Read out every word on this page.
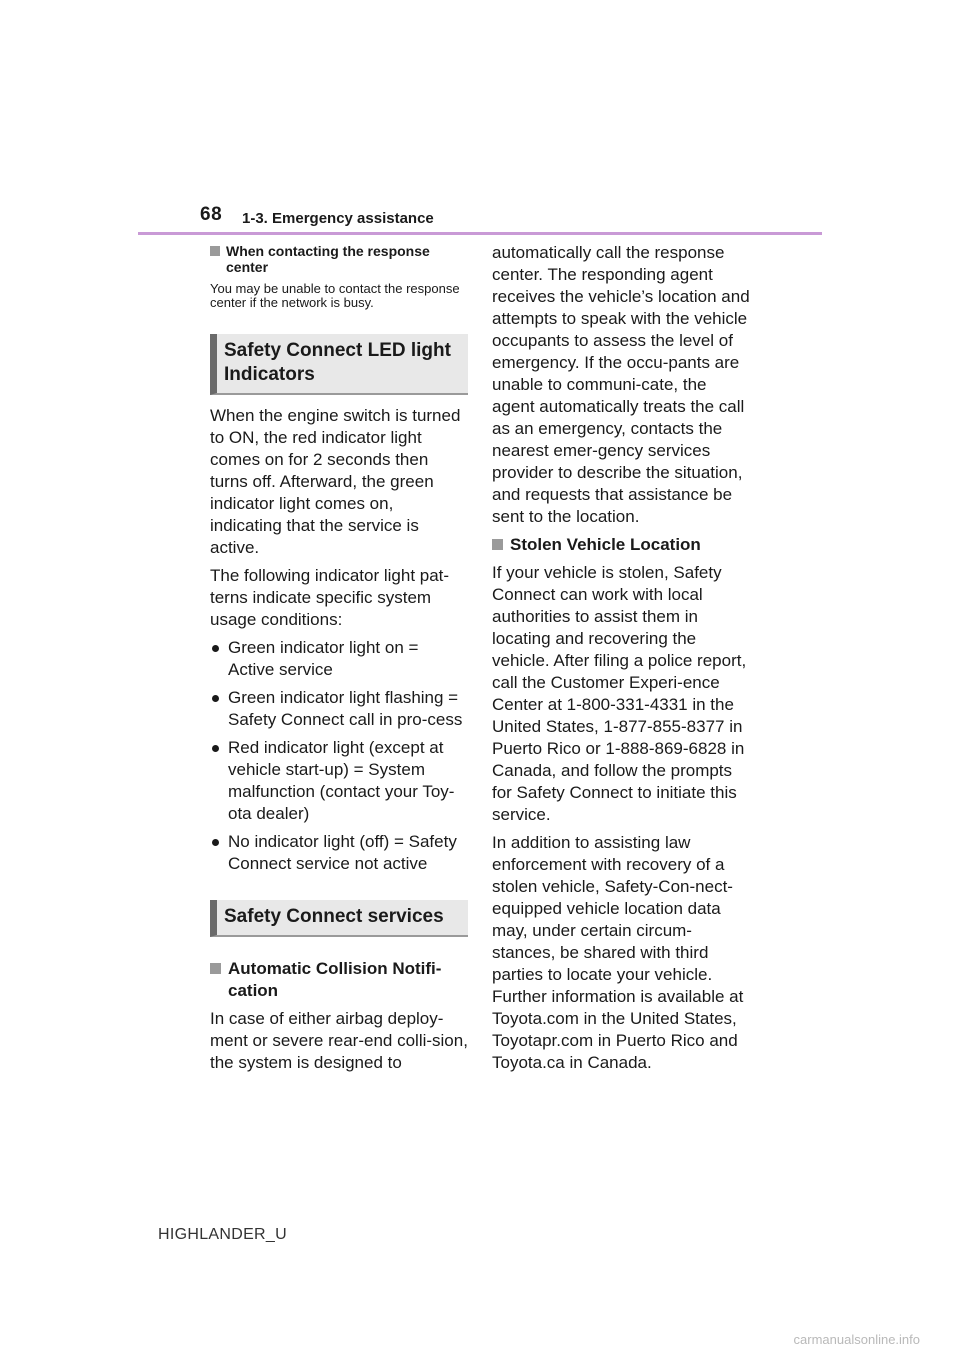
68 1-3. Emergency assistance

When contacting the response center

You may be unable to contact the response center if the network is busy.

Safety Connect LED light Indicators

When the engine switch is turned to ON, the red indicator light comes on for 2 seconds then turns off. Afterward, the green indicator light comes on, indicating that the service is active.

The following indicator light pat-terns indicate specific system usage conditions:

Green indicator light on = Active service
Green indicator light flashing = Safety Connect call in pro-cess
Red indicator light (except at vehicle start-up) = System malfunction (contact your Toy-ota dealer)
No indicator light (off) = Safety Connect service not active
Safety Connect services
Automatic Collision Notifi-cation

In case of either airbag deploy-ment or severe rear-end colli-sion, the system is designed to

automatically call the response center. The responding agent receives the vehicle’s location and attempts to speak with the vehicle occupants to assess the level of emergency. If the occu-pants are unable to communi-cate, the agent automatically treats the call as an emergency, contacts the nearest emer-gency services provider to describe the situation, and requests that assistance be sent to the location.

Stolen Vehicle Location

If your vehicle is stolen, Safety Connect can work with local authorities to assist them in locating and recovering the vehicle. After filing a police report, call the Customer Experi-ence Center at 1-800-331-4331 in the United States, 1-877-855-8377 in Puerto Rico or 1-888-869-6828 in Canada, and follow the prompts for Safety Connect to initiate this service.

In addition to assisting law enforcement with recovery of a stolen vehicle, Safety-Con-nect-equipped vehicle location data may, under certain circum-stances, be shared with third parties to locate your vehicle. Further information is available at Toyota.com in the United States, Toyotapr.com in Puerto Rico and Toyota.ca in Canada.

HIGHLANDER_U
carmanualsonline.info
